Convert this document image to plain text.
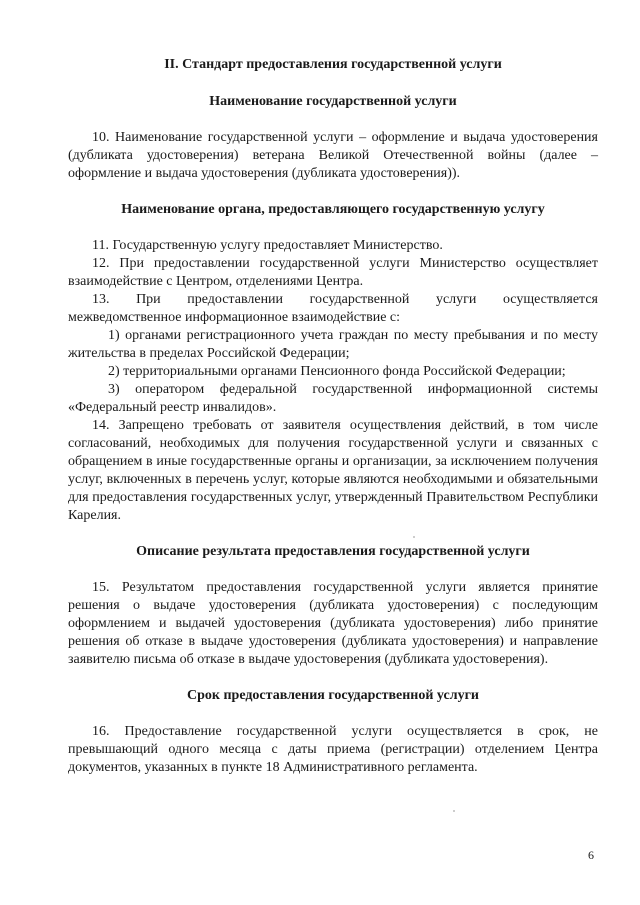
II. Стандарт предоставления государственной услуги
Наименование государственной услуги

10. Наименование государственной услуги – оформление и выдача удостоверения (дубликата удостоверения) ветерана Великой Отечественной войны (далее – оформление и выдача удостоверения (дубликата удостоверения)).

Наименование органа, предоставляющего государственную услугу

11. Государственную услугу предоставляет Министерство.

12. При предоставлении государственной услуги Министерство осуществляет взаимодействие с Центром, отделениями Центра.

13. При предоставлении государственной услуги осуществляется межведомственное информационное взаимодействие с:

1) органами регистрационного учета граждан по месту пребывания и по месту жительства в пределах Российской Федерации;

2) территориальными органами Пенсионного фонда Российской Федерации;

3) оператором федеральной государственной информационной системы «Федеральный реестр инвалидов».

14. Запрещено требовать от заявителя осуществления действий, в том числе согласований, необходимых для получения государственной услуги и связанных с обращением в иные государственные органы и организации, за исключением получения услуг, включенных в перечень услуг, которые являются необходимыми и обязательными для предоставления государственных услуг, утвержденный Правительством Республики Карелия.

Описание результата предоставления государственной услуги

15. Результатом предоставления государственной услуги является принятие решения о выдаче удостоверения (дубликата удостоверения) с последующим оформлением и выдачей удостоверения (дубликата удостоверения) либо принятие решения об отказе в выдаче удостоверения (дубликата удостоверения) и направление заявителю письма об отказе в выдаче удостоверения (дубликата удостоверения).

Срок предоставления государственной услуги

16. Предоставление государственной услуги осуществляется в срок, не превышающий одного месяца с даты приема (регистрации) отделением Центра документов, указанных в пункте 18 Административного регламента.

6
